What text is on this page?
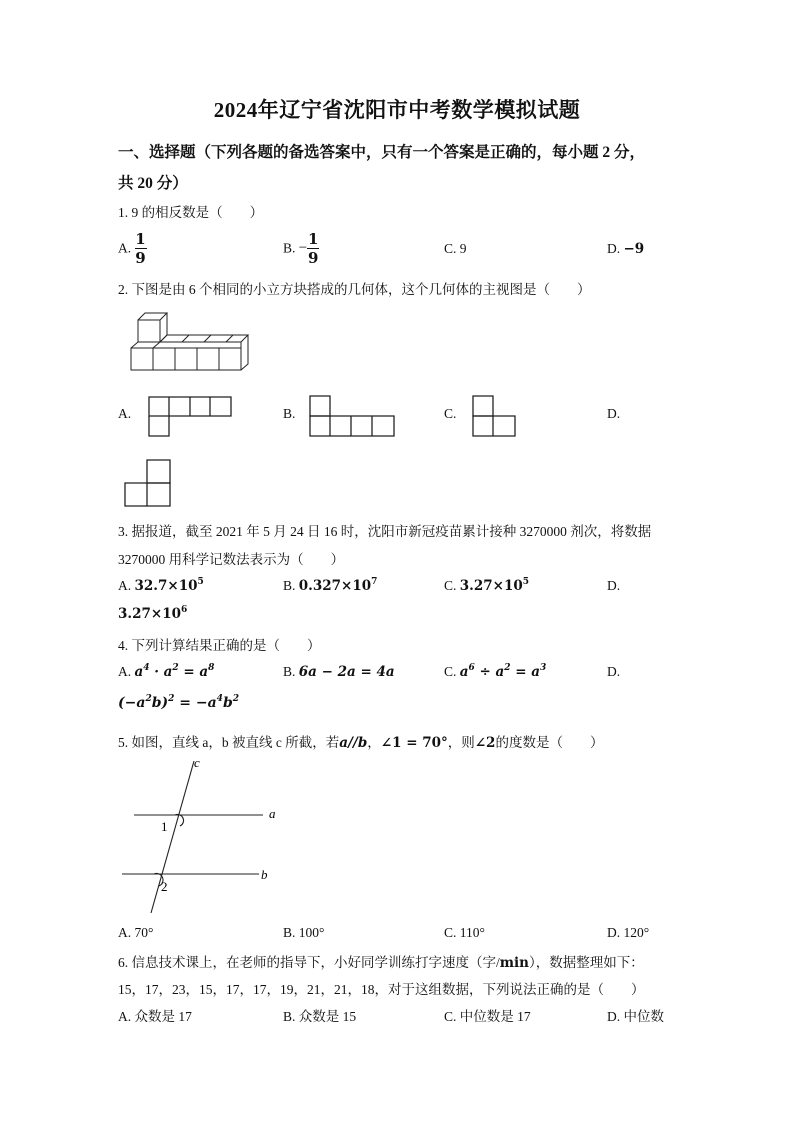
2024年辽宁省沈阳市中考数学模拟试题
一、选择题（下列各题的备选答案中，只有一个答案是正确的，每小题 2 分，
共 20 分）
1. 9 的相反数是（　　）
A. $\frac{1}{9}$	B. − $\frac{1}{9}$	C. 9	D. −9
2. 下图是由 6 个相同的小立方块搭成的几何体，这个几何体的主视图是（　　）
A.	B.	C.	D.
3. 据报道，截至 2021 年 5 月 24 日 16 时，沈阳市新冠疫苗累计接种 3270000 剂次，将数据
3270000 用科学记数法表示为（　　）
A. $32.7\times 10^5$	B. $0.327\times 10^7$	C. $3.27\times 10^5$	D.
$3.27\times 10^6$
4. 下列计算结果正确的是（　　）
A. $a^4 \cdot a^2 = a^8$	B. 6a − 2a = 4a	C. $a^6 \div a^2 = a^3$	D.
$(-a^2b)^2 = -a^4b^2$
5. 如图，直线 a，b 被直线 c 所截，若a//b，∠1 = 70°，则∠2的度数是（　　）
c
a
b
1
2
A. 70°	B. 100°	C. 110°	D. 120°
6. 信息技术课上，在老师的指导下，小好同学训练打字速度（字/min），数据整理如下：
15，17，23，15，17，17，19，21，21，18，对于这组数据，下列说法正确的是（　　）
A. 众数是 17	B. 众数是 15	C. 中位数是 17	D. 中位数
